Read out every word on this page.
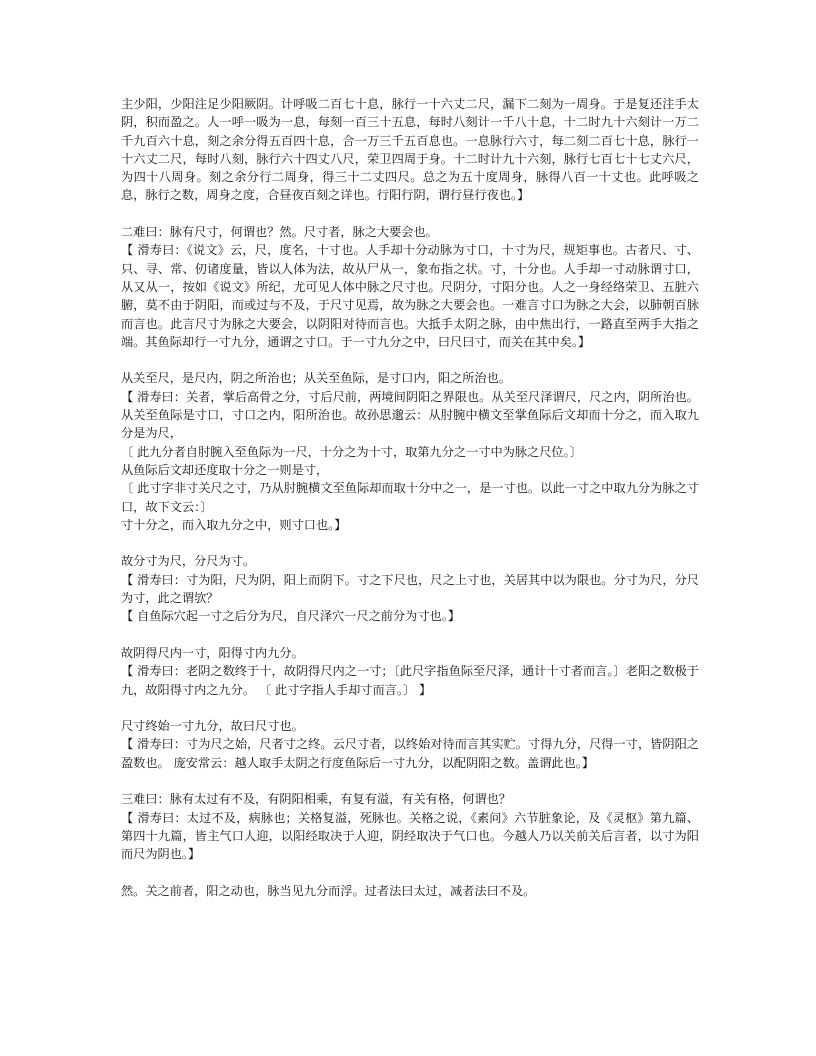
主少阳，少阳注足少阳厥阴。计呼吸二百七十息，脉行一十六丈二尺，漏下二刻为一周身。于是复还注手太阴，积而盈之。人一呼一吸为一息，每刻一百三十五息，每时八刻计一千八十息，十二时九十六刻计一万二千九百六十息，刻之余分得五百四十息，合一万三千五百息也。一息脉行六寸，每二刻二百七十息，脉行一十六丈二尺，每时八刻，脉行六十四丈八尺，荣卫四周于身。十二时计九十六刻，脉行七百七十七丈六尺，为四十八周身。刻之余分行二周身，得三十二丈四尺。总之为五十度周身，脉得八百一十丈也。此呼吸之息，脉行之数，周身之度，合昼夜百刻之详也。行阳行阴，谓行昼行夜也。】

二难曰：脉有尺寸，何谓也？然。尺寸者，脉之大要会也。

【 滑寿曰：《说文》云，尺，度名，十寸也。人手却十分动脉为寸口，十寸为尺，规矩事也。古者尺、寸、只、寻、常、仞诸度量，皆以人体为法，故从尸从一，象布指之状。寸，十分也。人手却一寸动脉谓寸口，从又从一，按如《说文》所纪，尤可见人体中脉之尺寸也。尺阴分，寸阳分也。人之一身经络荣卫、五脏六腑，莫不由于阴阳，而或过与不及，于尺寸见焉，故为脉之大要会也。一难言寸口为脉之大会，以肺朝百脉而言也。此言尺寸为脉之大要会，以阴阳对待而言也。大抵手太阴之脉，由中焦出行，一路直至两手大指之端。其鱼际却行一寸九分，通谓之寸口。于一寸九分之中，曰尺曰寸，而关在其中矣。】

从关至尺，是尺内，阴之所治也；从关至鱼际，是寸口内，阳之所治也。

【 滑寿曰：关者，掌后高骨之分，寸后尺前，两境间阴阳之界限也。从关至尺泽谓尺，尺之内，阴所治也。从关至鱼际是寸口，寸口之内，阳所治也。故孙思邈云：从肘腕中横文至掌鱼际后文却而十分之，而入取九分是为尺，

〔 此九分者自肘腕入至鱼际为一尺，十分之为十寸，取第九分之一寸中为脉之尺位。〕

从鱼际后文却还度取十分之一则是寸，

〔 此寸字非寸关尺之寸，乃从肘腕横文至鱼际却而取十分中之一，是一寸也。以此一寸之中取九分为脉之寸口，故下文云：〕

寸十分之，而入取九分之中，则寸口也。】

故分寸为尺，分尺为寸。

【 滑寿曰：寸为阳，尺为阴，阳上而阴下。寸之下尺也，尺之上寸也，关居其中以为限也。分寸为尺，分尺为寸，此之谓欤？

【 自鱼际穴起一寸之后分为尺，自尺泽穴一尺之前分为寸也。】

故阴得尺内一寸，阳得寸内九分。

【 滑寿曰：老阴之数终于十，故阴得尺内之一寸；〔此尺字指鱼际至尺泽，通计十寸者而言。〕老阳之数极于九，故阳得寸内之九分。 〔 此寸字指人手却寸而言。〕 】

尺寸终始一寸九分，故曰尺寸也。

【 滑寿曰：寸为尺之始，尺者寸之终。云尺寸者，以终始对待而言其实贮。寸得九分，尺得一寸，皆阴阳之盈数也。 庞安常云：越人取手太阴之行度鱼际后一寸九分，以配阴阳之数。盖谓此也。】

三难曰：脉有太过有不及，有阴阳相乘，有复有溢，有关有格，何谓也？

【 滑寿曰：太过不及，病脉也；关格复溢，死脉也。关格之说，《素问》六节脏象论，及《灵枢》第九篇、第四十九篇，皆主气口人迎，以阳经取决于人迎，阴经取决于气口也。今越人乃以关前关后言者，以寸为阳而尺为阴也。】

然。关之前者，阳之动也，脉当见九分而浮。过者法曰太过，减者法曰不及。
